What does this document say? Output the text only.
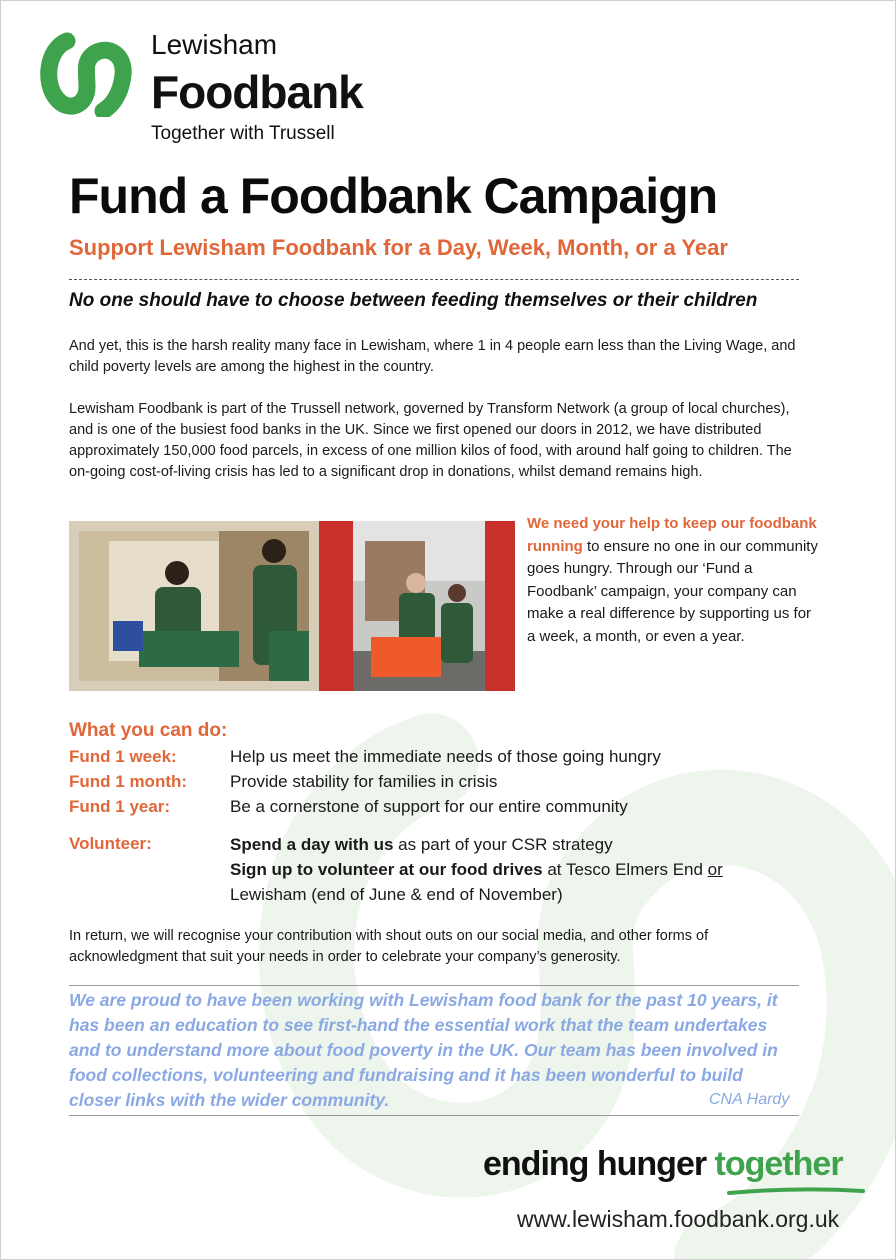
Lewisham
Foodbank
Together with Trussell
Fund a Foodbank Campaign
Support Lewisham Foodbank for a Day, Week, Month, or a Year
No one should have to choose between feeding themselves or their children
And yet, this is the harsh reality many face in Lewisham, where 1 in 4 people earn less than the Living Wage, and child poverty levels are among the highest in the country.
Lewisham Foodbank is part of the Trussell network, governed by Transform Network (a group of local churches), and is one of the busiest food banks in the UK. Since we first opened our doors in 2012, we have distributed approximately 150,000 food parcels, in excess of one million kilos of food, with around half going to children. The on-going cost-of-living crisis has led to a significant drop in donations, whilst demand remains high.
We need your help to keep our foodbank running to ensure no one in our community goes hungry. Through our ‘Fund a Foodbank’ campaign, your company can make a real difference by supporting us for a week, a month, or even a year.
What you can do:
Fund 1 week:	Help us meet the immediate needs of those going hungry
Fund 1 month:	Provide stability for families in crisis
Fund 1 year:	Be a cornerstone of support for our entire community
Volunteer:	Spend a day with us as part of your CSR strategy
Sign up to volunteer at our food drives at Tesco Elmers End or
Lewisham (end of June & end of November)
In return, we will recognise your contribution with shout outs on our social media, and other forms of acknowledgment that suit your needs in order to celebrate your company’s generosity.
We are proud to have been working with Lewisham food bank for the past 10 years, it has been an education to see first-hand the essential work that the team undertakes and to understand more about food poverty in the UK. Our team has been involved in food collections, volunteering and fundraising and it has been wonderful to build closer links with the wider community.	CNA Hardy
ending hunger together
www.lewisham.foodbank.org.uk
